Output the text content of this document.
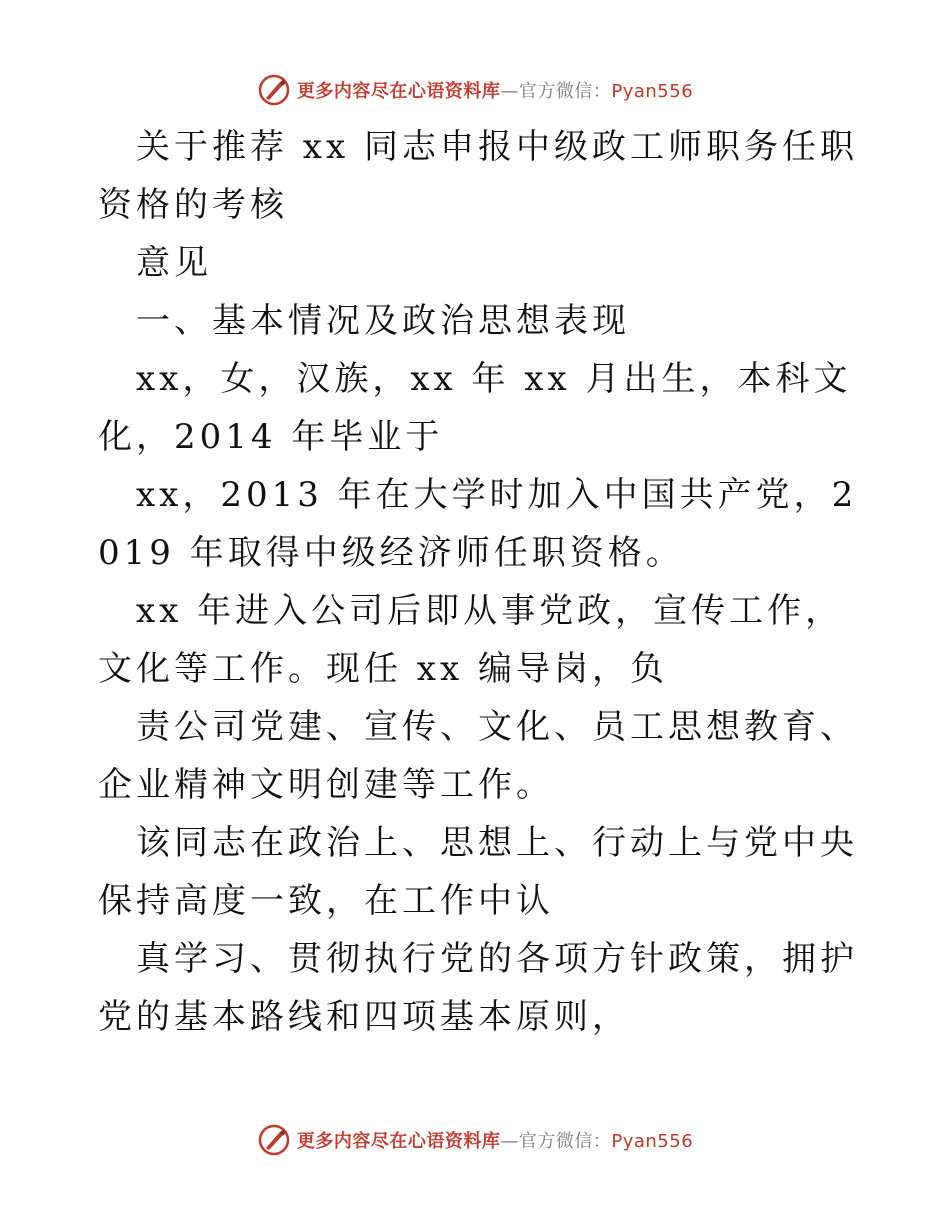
更多内容尽在心语资料库—官方微信：Pyan556

关于推荐 xx 同志申报中级政工师职务任职资格的考核

意见

一、基本情况及政治思想表现

xx，女，汉族，xx 年 xx 月出生，本科文化，2014 年毕业于

xx，2013 年在大学时加入中国共产党，2019 年取得中级经济师任职资格。

xx 年进入公司后即从事党政，宣传工作，文化等工作。现任 xx 编导岗，负

责公司党建、宣传、文化、员工思想教育、企业精神文明创建等工作。

该同志在政治上、思想上、行动上与党中央保持高度一致，在工作中认

真学习、贯彻执行党的各项方针政策，拥护党的基本路线和四项基本原则，

更多内容尽在心语资料库—官方微信：Pyan556
